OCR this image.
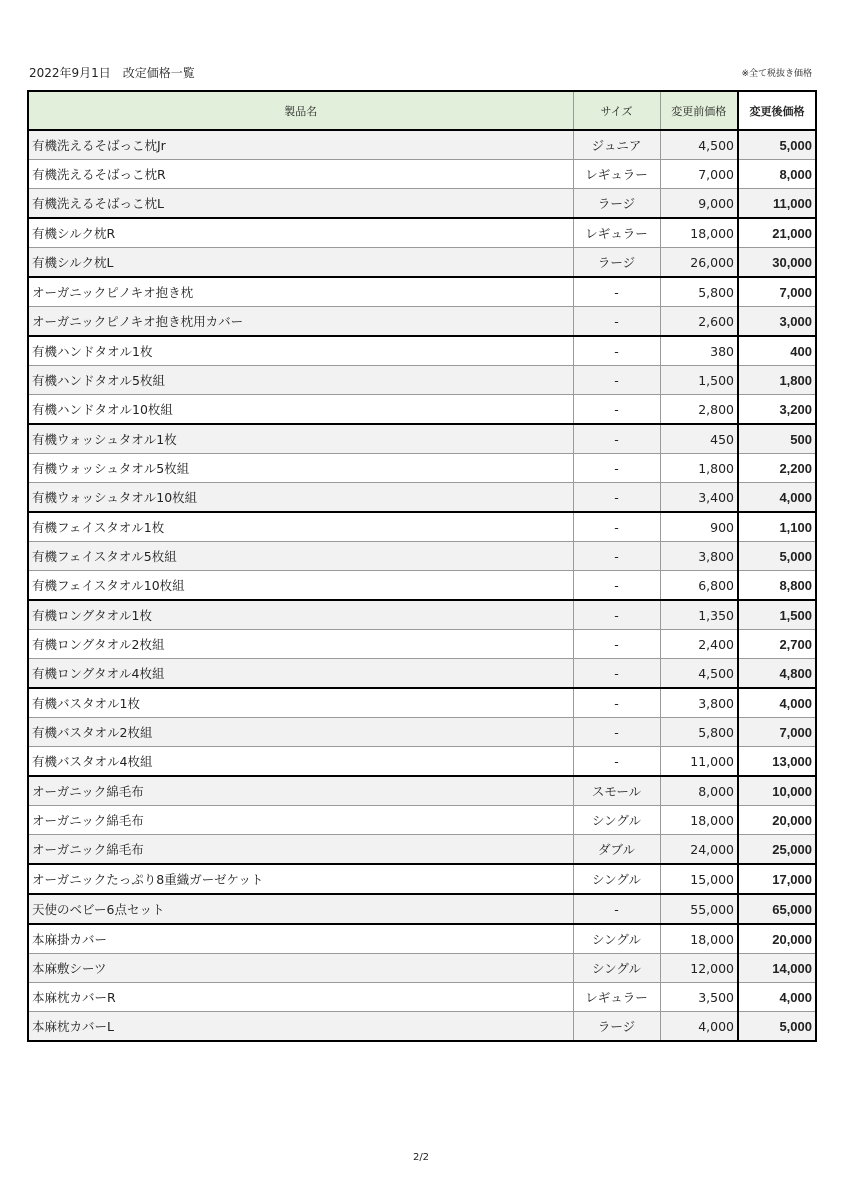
2022年9月1日　改定価格一覧	※全て税抜き価格
製品名	サイズ	変更前価格	変更後価格
有機洗えるそばっこ枕Jr	ジュニア	4,500	5,000
有機洗えるそばっこ枕R	レギュラー	7,000	8,000
有機洗えるそばっこ枕L	ラージ	9,000	11,000
有機シルク枕R	レギュラー	18,000	21,000
有機シルク枕L	ラージ	26,000	30,000
オーガニックピノキオ抱き枕	-	5,800	7,000
オーガニックピノキオ抱き枕用カバー	-	2,600	3,000
有機ハンドタオル1枚	-	380	400
有機ハンドタオル5枚組	-	1,500	1,800
有機ハンドタオル10枚組	-	2,800	3,200
有機ウォッシュタオル1枚	-	450	500
有機ウォッシュタオル5枚組	-	1,800	2,200
有機ウォッシュタオル10枚組	-	3,400	4,000
有機フェイスタオル1枚	-	900	1,100
有機フェイスタオル5枚組	-	3,800	5,000
有機フェイスタオル10枚組	-	6,800	8,800
有機ロングタオル1枚	-	1,350	1,500
有機ロングタオル2枚組	-	2,400	2,700
有機ロングタオル4枚組	-	4,500	4,800
有機バスタオル1枚	-	3,800	4,000
有機バスタオル2枚組	-	5,800	7,000
有機バスタオル4枚組	-	11,000	13,000
オーガニック綿毛布	スモール	8,000	10,000
オーガニック綿毛布	シングル	18,000	20,000
オーガニック綿毛布	ダブル	24,000	25,000
オーガニックたっぷり8重織ガーゼケット	シングル	15,000	17,000
天使のベビー6点セット	-	55,000	65,000
本麻掛カバー	シングル	18,000	20,000
本麻敷シーツ	シングル	12,000	14,000
本麻枕カバーR	レギュラー	3,500	4,000
本麻枕カバーL	ラージ	4,000	5,000
2/2
